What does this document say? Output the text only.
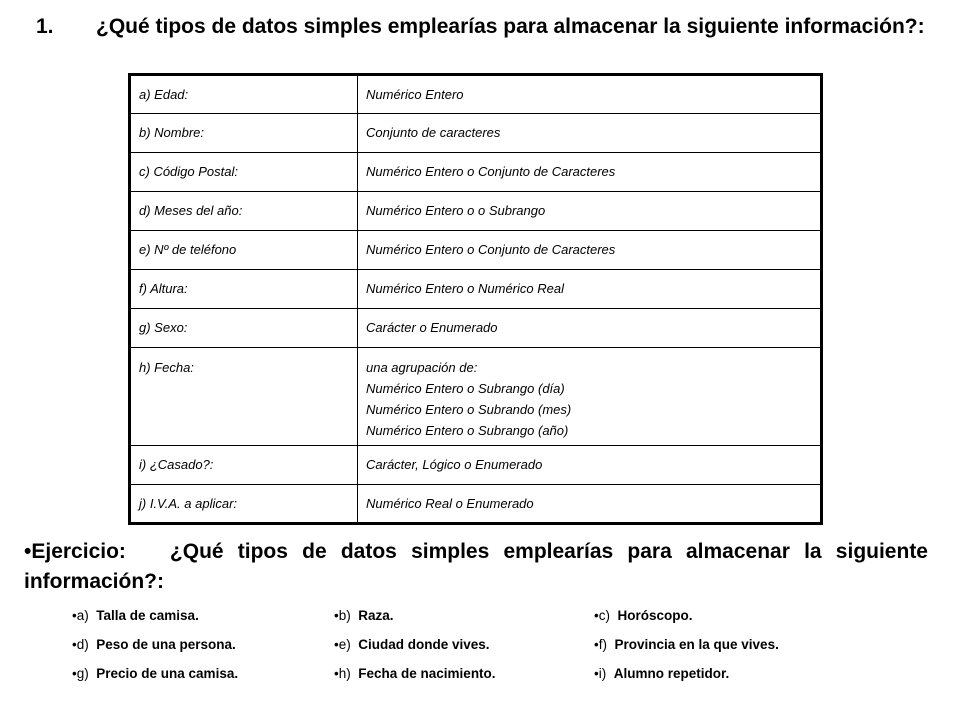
1. ¿Qué tipos de datos simples emplearías para almacenar la siguiente información?:
a) Edad:	Numérico Entero
b) Nombre:	Conjunto de caracteres
c) Código Postal:	Numérico Entero o Conjunto de Caracteres
d) Meses del año:	Numérico Entero o o Subrango
e) Nº de teléfono	Numérico Entero o Conjunto de Caracteres
f) Altura:	Numérico Entero o Numérico Real
g) Sexo:	Carácter o Enumerado
h) Fecha:	una agrupación de:
Numérico Entero o Subrango (día)
Numérico Entero o Subrando (mes)
Numérico Entero o Subrango (año)

i) ¿Casado?:	Carácter, Lógico o Enumerado
j) I.V.A. a aplicar:	Numérico Real o Enumerado
•Ejercicio: ¿Qué tipos de datos simples emplearías para almacenar la siguiente información?:
•a) Talla de camisa.	•b) Raza.	•c) Horóscopo.
•d) Peso de una persona.	•e) Ciudad donde vives.	•f) Provincia en la que vives.
•g) Precio de una camisa.	•h) Fecha de nacimiento.	•i) Alumno repetidor.
